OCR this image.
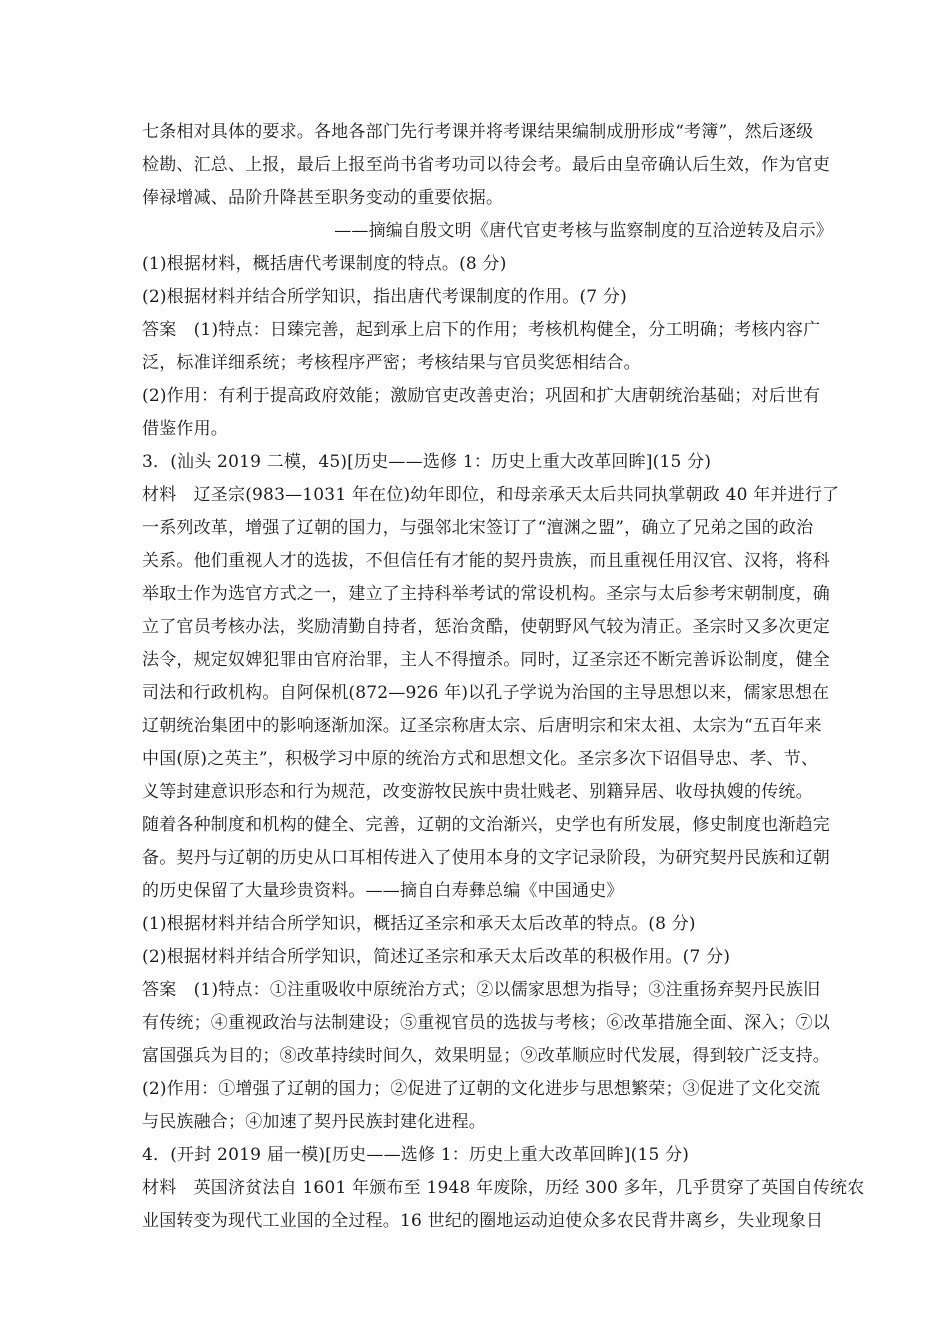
七条相对具体的要求。各地各部门先行考课并将考课结果编制成册形成“考簿”，然后逐级
检勘、汇总、上报，最后上报至尚书省考功司以待会考。最后由皇帝确认后生效，作为官吏
俸禄增减、品阶升降甚至职务变动的重要依据。
——摘编自殷文明《唐代官吏考核与监察制度的互洽逆转及启示》
(1)根据材料，概括唐代考课制度的特点。(8 分)
(2)根据材料并结合所学知识，指出唐代考课制度的作用。(7 分)
答案　(1)特点：日臻完善，起到承上启下的作用；考核机构健全，分工明确；考核内容广
泛，标准详细系统；考核程序严密；考核结果与官员奖惩相结合。
(2)作用：有利于提高政府效能；激励官吏改善吏治；巩固和扩大唐朝统治基础；对后世有
借鉴作用。
3．(汕头 2019 二模，45)[历史——选修 1：历史上重大改革回眸](15 分)
材料　辽圣宗(983—1031 年在位)幼年即位，和母亲承天太后共同执掌朝政 40 年并进行了
一系列改革，增强了辽朝的国力，与强邻北宋签订了“澶渊之盟”，确立了兄弟之国的政治
关系。他们重视人才的选拔，不但信任有才能的契丹贵族，而且重视任用汉官、汉将，将科
举取士作为选官方式之一，建立了主持科举考试的常设机构。圣宗与太后参考宋朝制度，确
立了官员考核办法，奖励清勤自持者，惩治贪酷，使朝野风气较为清正。圣宗时又多次更定
法令，规定奴婢犯罪由官府治罪，主人不得擅杀。同时，辽圣宗还不断完善诉讼制度，健全
司法和行政机构。自阿保机(872—926 年)以孔子学说为治国的主导思想以来，儒家思想在
辽朝统治集团中的影响逐渐加深。辽圣宗称唐太宗、后唐明宗和宋太祖、太宗为“五百年来
中国(原)之英主”，积极学习中原的统治方式和思想文化。圣宗多次下诏倡导忠、孝、节、
义等封建意识形态和行为规范，改变游牧民族中贵壮贱老、别籍异居、收母执嫂的传统。
随着各种制度和机构的健全、完善，辽朝的文治渐兴，史学也有所发展，修史制度也渐趋完
备。契丹与辽朝的历史从口耳相传进入了使用本身的文字记录阶段，为研究契丹民族和辽朝
的历史保留了大量珍贵资料。——摘自白寿彝总编《中国通史》
(1)根据材料并结合所学知识，概括辽圣宗和承天太后改革的特点。(8 分)
(2)根据材料并结合所学知识，简述辽圣宗和承天太后改革的积极作用。(7 分)
答案　(1)特点：①注重吸收中原统治方式；②以儒家思想为指导；③注重扬弃契丹民族旧
有传统；④重视政治与法制建设；⑤重视官员的选拔与考核；⑥改革措施全面、深入；⑦以
富国强兵为目的；⑧改革持续时间久，效果明显；⑨改革顺应时代发展，得到较广泛支持。
(2)作用：①增强了辽朝的国力；②促进了辽朝的文化进步与思想繁荣；③促进了文化交流
与民族融合；④加速了契丹民族封建化进程。
4．(开封 2019 届一模)[历史——选修 1：历史上重大改革回眸](15 分)
材料　英国济贫法自 1601 年颁布至 1948 年废除，历经 300 多年，几乎贯穿了英国自传统农
业国转变为现代工业国的全过程。16 世纪的圈地运动迫使众多农民背井离乡，失业现象日
